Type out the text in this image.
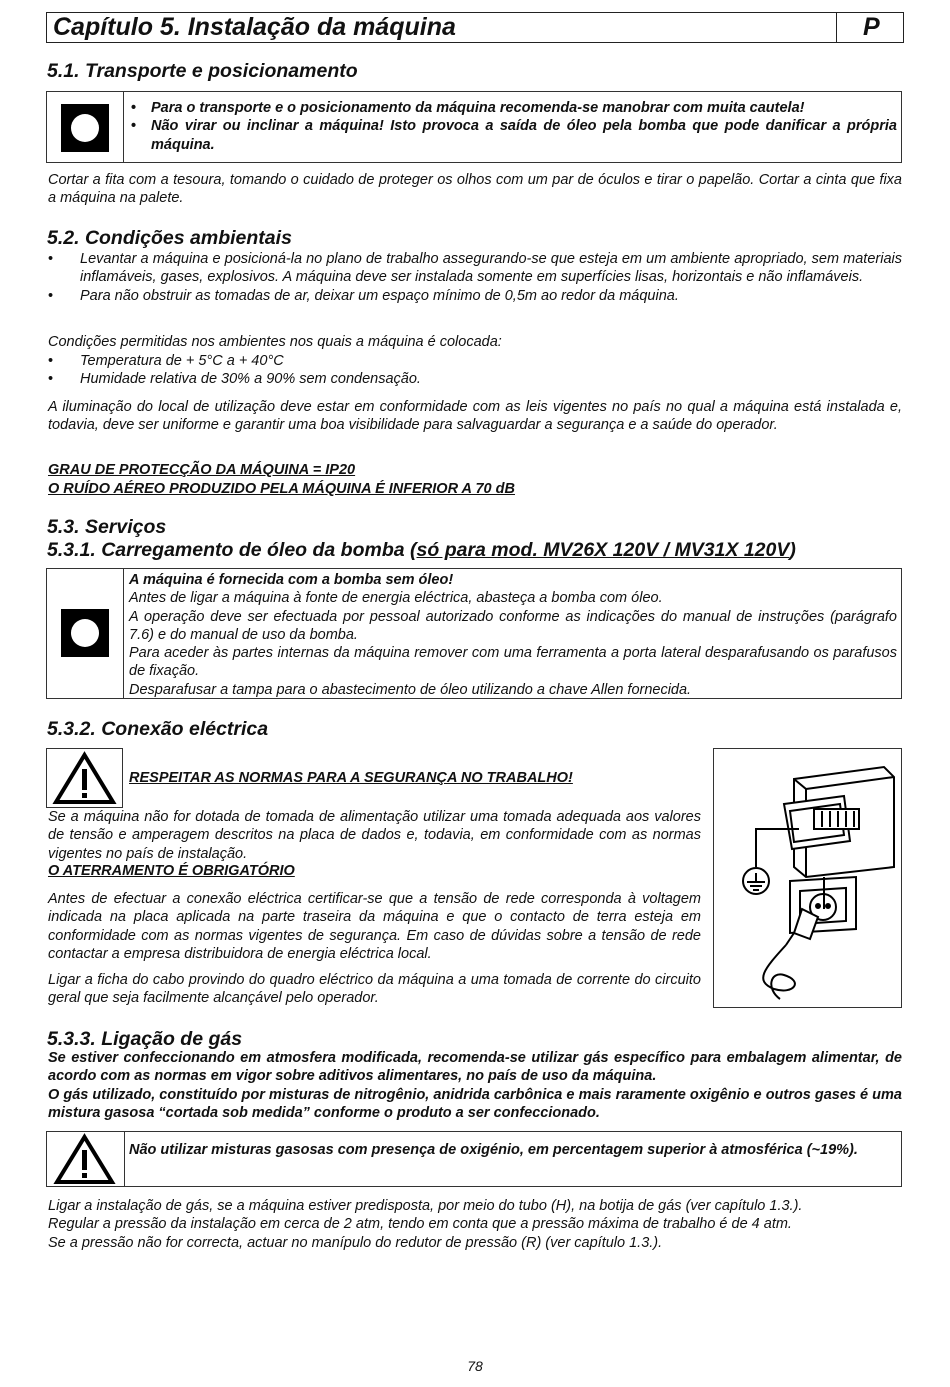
Capítulo 5. Instalação da máquina	P
5.1. Transporte e posicionamento
• Para o transporte e o posicionamento da máquina recomenda-se manobrar com muita cautela!
• Não virar ou inclinar a máquina! Isto provoca a saída de óleo pela bomba que pode danificar a própria máquina.

Cortar a fita com a tesoura, tomando o cuidado de proteger os olhos com um par de óculos e tirar o papelão. Cortar a cinta que fixa a máquina na palete.

5.2. Condições ambientais
• Levantar a máquina e posicioná-la no plano de trabalho assegurando-se que esteja em um ambiente apropriado, sem materiais inflamáveis, gases, explosivos. A máquina deve ser instalada somente em superfícies lisas, horizontais e não inflamáveis.
• Para não obstruir as tomadas de ar, deixar um espaço mínimo de 0,5m ao redor da máquina.

Condições permitidas nos ambientes nos quais a máquina é colocada:

• Temperatura de + 5°C a + 40°C
• Humidade relativa de 30% a 90% sem condensação.

A iluminação do local de utilização deve estar em conformidade com as leis vigentes no país no qual a máquina está instalada e, todavia, deve ser uniforme e garantir uma boa visibilidade para salvaguardar a segurança e a saúde do operador.

GRAU DE PROTECÇÃO DA MÁQUINA = IP20

O RUÍDO AÉREO PRODUZIDO PELA MÁQUINA É INFERIOR A 70 dB

5.3. Serviços
5.3.1. Carregamento de óleo da bomba (só para mod. MV26X 120V / MV31X 120V)

A máquina é fornecida com a bomba sem óleo!

Antes de ligar a máquina à fonte de energia eléctrica, abasteça a bomba com óleo.

A operação deve ser efectuada por pessoal autorizado conforme as indicações do manual de instruções (parágrafo 7.6) e do manual de uso da bomba.

Para aceder às partes internas da máquina remover com uma ferramenta a porta lateral desparafusando os parafusos de fixação.

Desparafusar a tampa para o abastecimento de óleo utilizando a chave Allen fornecida.

5.3.2. Conexão eléctrica

RESPEITAR AS NORMAS PARA A SEGURANÇA NO TRABALHO!

Se a máquina não for dotada de tomada de alimentação utilizar uma tomada adequada aos valores de tensão e amperagem descritos na placa de dados e, todavia, em conformidade com as normas vigentes no país de instalação.

O ATERRAMENTO É OBRIGATÓRIO

Antes de efectuar a conexão eléctrica certificar-se que a tensão de rede corresponda à voltagem indicada na placa aplicada na parte traseira da máquina e que o contacto de terra esteja em conformidade com as normas vigentes de segurança. Em caso de dúvidas sobre a tensão de rede contactar a empresa distribuidora de energia eléctrica local.

Ligar a ficha do cabo provindo do quadro eléctrico da máquina a uma tomada de corrente do circuito geral que seja facilmente alcançável pelo operador.

5.3.3. Ligação de gás

Se estiver confeccionando em atmosfera modificada, recomenda-se utilizar gás específico para embalagem alimentar, de acordo com as normas em vigor sobre aditivos alimentares, no país de uso da máquina.

O gás utilizado, constituído por misturas de nitrogênio, anidrida carbônica e mais raramente oxigênio e outros gases é uma mistura gasosa “cortada sob medida” conforme o produto a ser confeccionado.

Não utilizar misturas gasosas com presença de oxigénio, em percentagem superior à atmosférica (~19%).

Ligar a instalação de gás, se a máquina estiver predisposta, por meio do tubo (H), na botija de gás (ver capítulo 1.3.).

Regular a pressão da instalação em cerca de 2 atm, tendo em conta que a pressão máxima de trabalho é de 4 atm.

Se a pressão não for correcta, actuar no manípulo do redutor de pressão (R) (ver capítulo 1.3.).

78
